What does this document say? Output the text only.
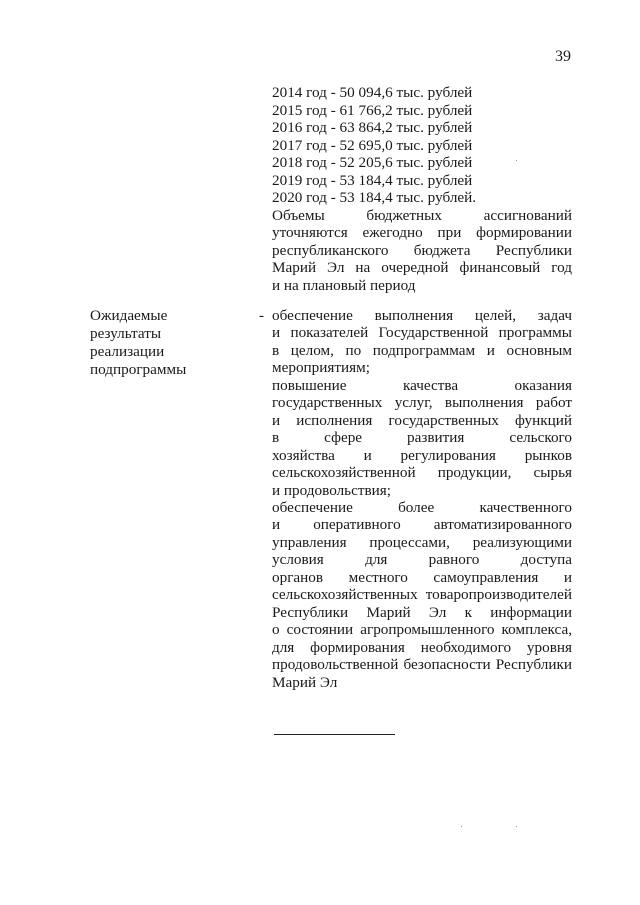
39
2014 год - 50 094,6 тыс. рублей
2015 год - 61 766,2 тыс. рублей
2016 год - 63 864,2 тыс. рублей
2017 год - 52 695,0 тыс. рублей
2018 год - 52 205,6 тыс. рублей
2019 год - 53 184,4 тыс. рублей
2020 год - 53 184,4 тыс. рублей.
Объемы бюджетных ассигнований
уточняются ежегодно при формировании
республиканского бюджета Республики
Марий Эл на очередной финансовый год
и на плановый период
Ожидаемые
результаты
реализации
подпрограммы
- обеспечение выполнения целей, задач
и показателей Государственной программы
в целом, по подпрограммам и основным
мероприятиям;
повышение качества оказания
государственных услуг, выполнения работ
и исполнения государственных функций
в сфере развития сельского
хозяйства и регулирования рынков
сельскохозяйственной продукции, сырья
и продовольствия;
обеспечение более качественного
и оперативного автоматизированного
управления процессами, реализующими
условия для равного доступа
органов местного самоуправления и
сельскохозяйственных товаропроизводителей
Республики Марий Эл к информации
о состоянии агропромышленного комплекса,
для формирования необходимого уровня
продовольственной безопасности Республики
Марий Эл
